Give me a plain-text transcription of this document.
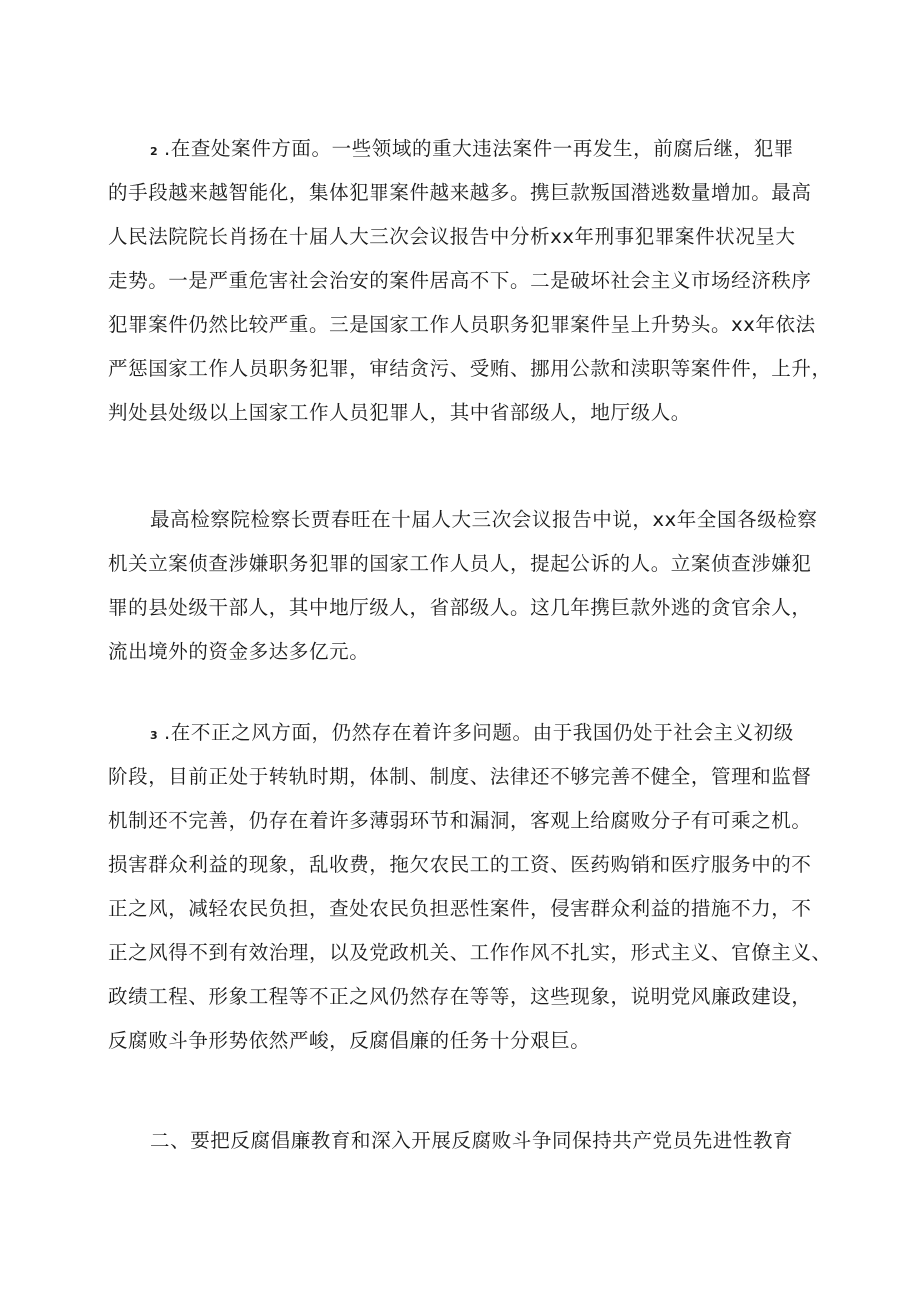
2 .在查处案件方面。一些领域的重大违法案件一再发生，前腐后继，犯罪
的手段越来越智能化，集体犯罪案件越来越多。携巨款叛国潜逃数量增加。最高
人民法院院长肖扬在十届人大三次会议报告中分析xx年刑事犯罪案件状况呈大
走势。一是严重危害社会治安的案件居高不下。二是破坏社会主义市场经济秩序
犯罪案件仍然比较严重。三是国家工作人员职务犯罪案件呈上升势头。xx年依法
严惩国家工作人员职务犯罪，审结贪污、受贿、挪用公款和渎职等案件件，上升，
判处县处级以上国家工作人员犯罪人，其中省部级人，地厅级人。
最高检察院检察长贾春旺在十届人大三次会议报告中说，xx年全国各级检察
机关立案侦查涉嫌职务犯罪的国家工作人员人，提起公诉的人。立案侦查涉嫌犯
罪的县处级干部人，其中地厅级人，省部级人。这几年携巨款外逃的贪官余人，
流出境外的资金多达多亿元。
3 .在不正之风方面，仍然存在着许多问题。由于我国仍处于社会主义初级
阶段，目前正处于转轨时期，体制、制度、法律还不够完善不健全，管理和监督
机制还不完善，仍存在着许多薄弱环节和漏洞，客观上给腐败分子有可乘之机。
损害群众利益的现象，乱收费，拖欠农民工的工资、医药购销和医疗服务中的不
正之风，减轻农民负担，查处农民负担恶性案件，侵害群众利益的措施不力，不
正之风得不到有效治理，以及党政机关、工作作风不扎实，形式主义、官僚主义、
政绩工程、形象工程等不正之风仍然存在等等，这些现象，说明党风廉政建设，
反腐败斗争形势依然严峻，反腐倡廉的任务十分艰巨。
二、要把反腐倡廉教育和深入开展反腐败斗争同保持共产党员先进性教育
